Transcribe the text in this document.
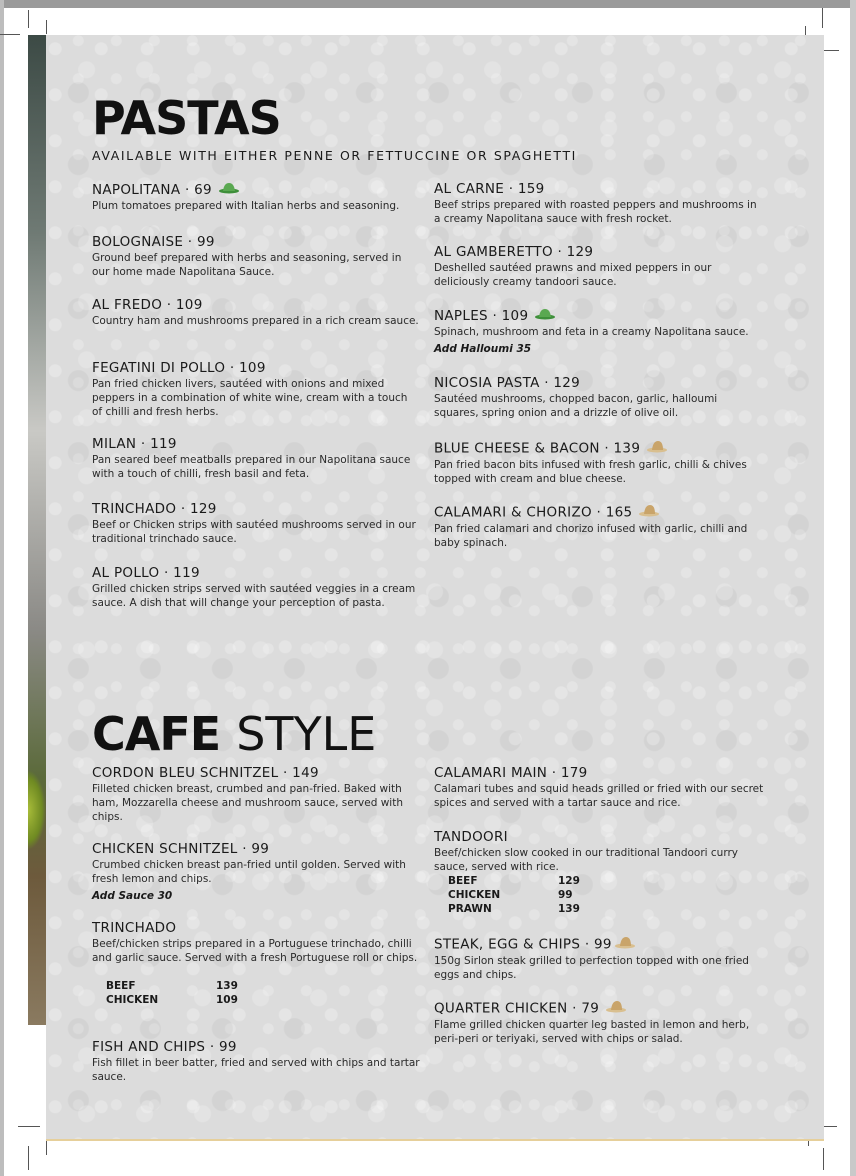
PASTAS

AVAILABLE WITH EITHER PENNE OR FETTUCCINE OR SPAGHETTI

NAPOLITANA · 69
Plum tomatoes prepared with Italian herbs and seasoning.
BOLOGNAISE · 99
Ground beef prepared with herbs and seasoning, served in our home made Napolitana Sauce.
AL FREDO · 109
Country ham and mushrooms prepared in a rich cream sauce.
FEGATINI DI POLLO · 109
Pan fried chicken livers, sautéed with onions and mixed peppers in a combination of white wine, cream with a touch of chilli and fresh herbs.
MILAN · 119
Pan seared beef meatballs prepared in our Napolitana sauce with a touch of chilli, fresh basil and feta.
TRINCHADO · 129
Beef or Chicken strips with sautéed mushrooms served in our traditional trinchado sauce.
AL POLLO · 119
Grilled chicken strips served with sautéed veggies in a cream sauce. A dish that will change your perception of pasta.
AL CARNE · 159
Beef strips prepared with roasted peppers and mushrooms in a creamy Napolitana sauce with fresh rocket.
AL GAMBERETTO · 129
Deshelled sautéed prawns and mixed peppers in our deliciously creamy tandoori sauce.
NAPLES · 109
Spinach, mushroom and feta in a creamy Napolitana sauce.
Add Halloumi 35
NICOSIA PASTA · 129
Sautéed mushrooms, chopped bacon, garlic, halloumi squares, spring onion and a drizzle of olive oil.
BLUE CHEESE & BACON · 139
Pan fried bacon bits infused with fresh garlic, chilli & chives topped with cream and blue cheese.
CALAMARI & CHORIZO · 165
Pan fried calamari and chorizo infused with garlic, chilli and baby spinach.
CAFE STYLE
CORDON BLEU SCHNITZEL · 149
Filleted chicken breast, crumbed and pan-fried. Baked with ham, Mozzarella cheese and mushroom sauce, served with chips.
CHICKEN SCHNITZEL · 99
Crumbed chicken breast pan-fried until golden. Served with fresh lemon and chips.
Add Sauce 30
TRINCHADO
Beef/chicken strips prepared in a Portuguese trinchado, chilli and garlic sauce. Served with a fresh Portuguese roll or chips.
BEEF	139
CHICKEN	109
FISH AND CHIPS · 99
Fish fillet in beer batter, fried and served with chips and tartar sauce.
CALAMARI MAIN · 179
Calamari tubes and squid heads grilled or fried with our secret spices and served with a tartar sauce and rice.
TANDOORI
Beef/chicken slow cooked in our traditional Tandoori curry sauce, served with rice.
BEEF	129
CHICKEN	99
PRAWN	139
STEAK, EGG & CHIPS · 99
150g Sirlon steak grilled to perfection topped with one fried eggs and chips.
QUARTER CHICKEN · 79
Flame grilled chicken quarter leg basted in lemon and herb, peri-peri or teriyaki, served with chips or salad.
